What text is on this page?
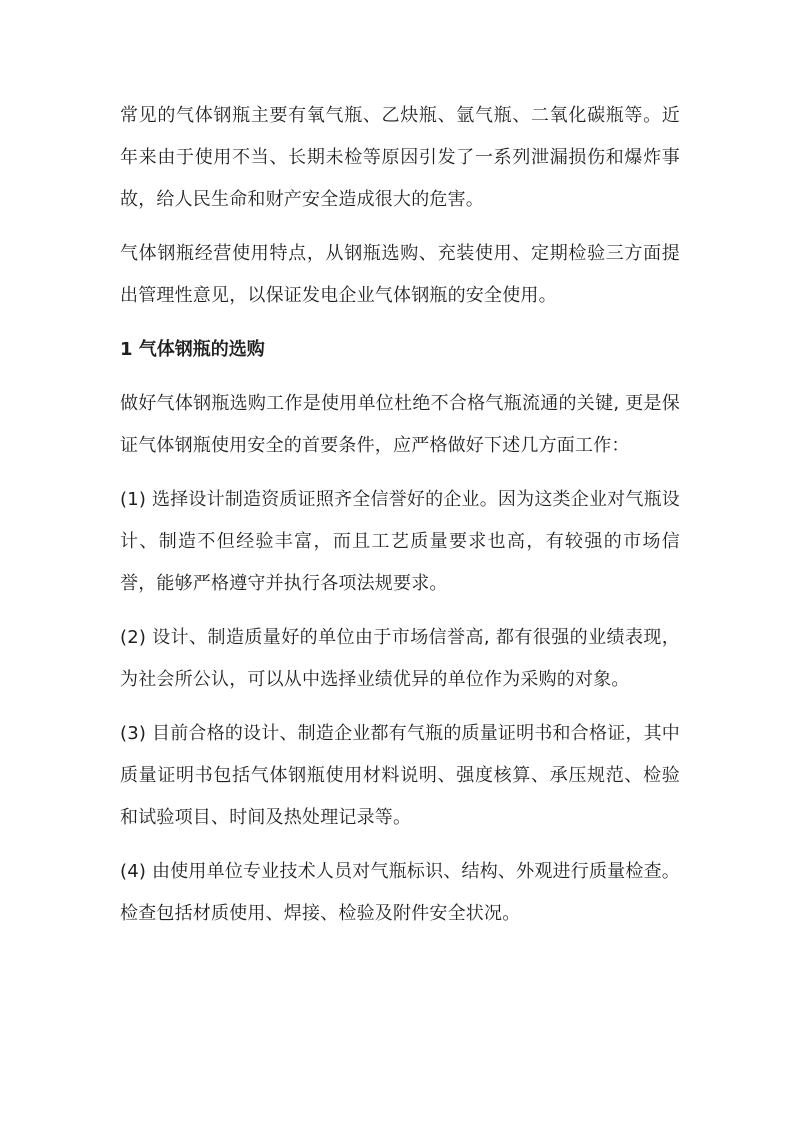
常见的气体钢瓶主要有氧气瓶、乙炔瓶、氩气瓶、二氧化碳瓶等。近年来由于使用不当、长期未检等原因引发了一系列泄漏损伤和爆炸事故，给人民生命和财产安全造成很大的危害。

气体钢瓶经营使用特点，从钢瓶选购、充装使用、定期检验三方面提出管理性意见，以保证发电企业气体钢瓶的安全使用。

1 气体钢瓶的选购

做好气体钢瓶选购工作是使用单位杜绝不合格气瓶流通的关键, 更是保证气体钢瓶使用安全的首要条件，应严格做好下述几方面工作：

(1) 选择设计制造资质证照齐全信誉好的企业。因为这类企业对气瓶设计、制造不但经验丰富，而且工艺质量要求也高，有较强的市场信誉，能够严格遵守并执行各项法规要求。

(2) 设计、制造质量好的单位由于市场信誉高, 都有很强的业绩表现，为社会所公认，可以从中选择业绩优异的单位作为采购的对象。

(3) 目前合格的设计、制造企业都有气瓶的质量证明书和合格证，其中质量证明书包括气体钢瓶使用材料说明、强度核算、承压规范、检验和试验项目、时间及热处理记录等。

(4) 由使用单位专业技术人员对气瓶标识、结构、外观进行质量检查。检查包括材质使用、焊接、检验及附件安全状况。
